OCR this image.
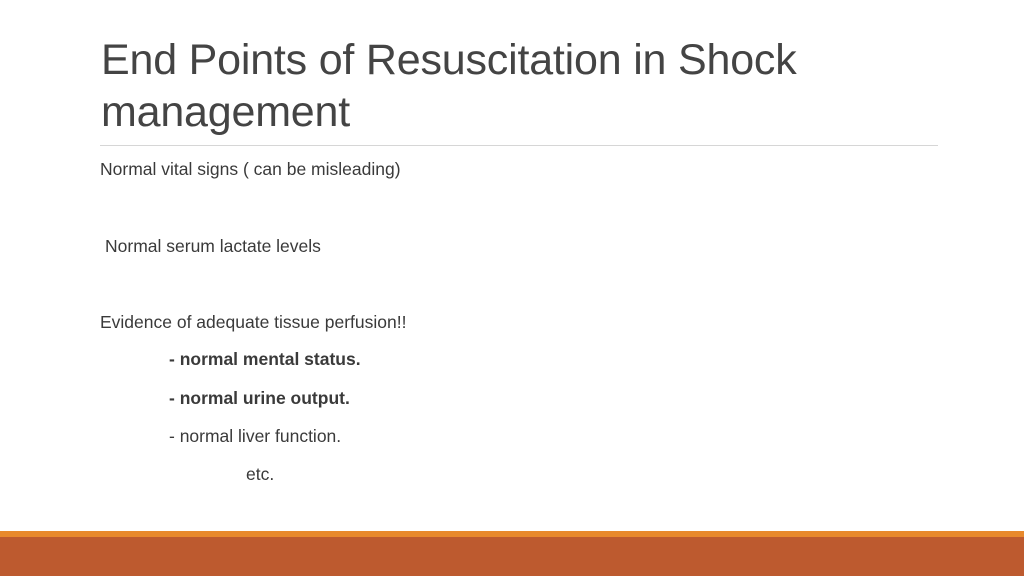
End Points of Resuscitation in Shock management
Normal vital signs ( can be misleading)
Normal serum lactate levels
Evidence of adequate tissue perfusion!!
- normal mental status.
- normal urine output.
- normal liver function.
etc.
